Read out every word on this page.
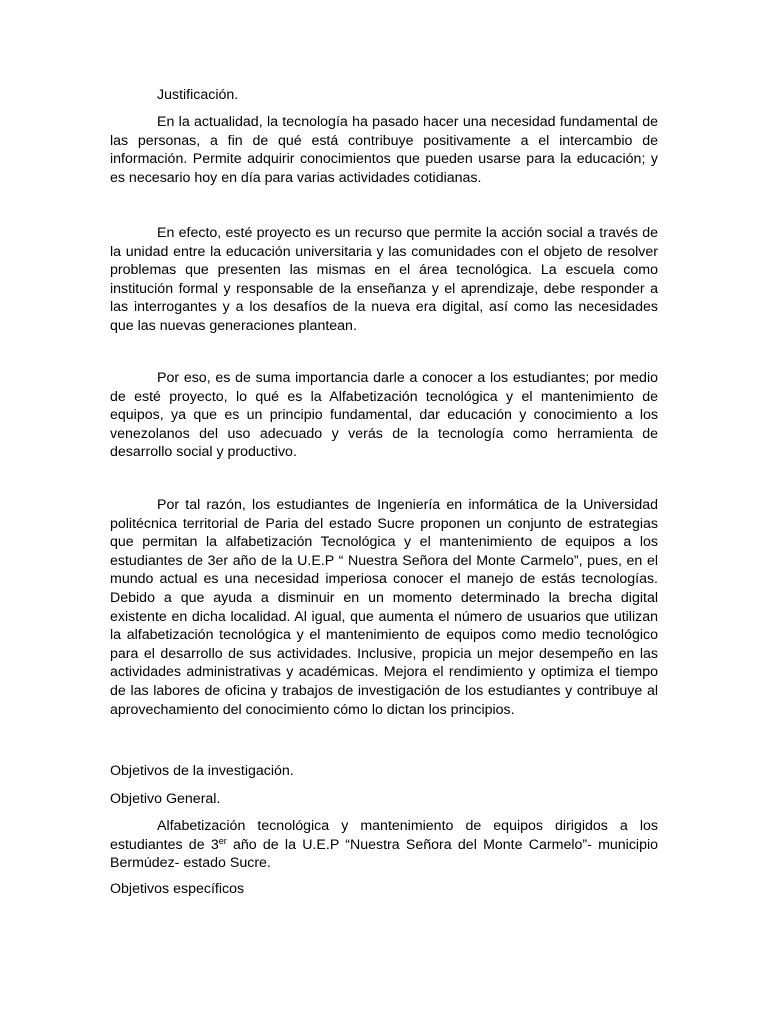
Justificación.

En la actualidad, la tecnología ha pasado hacer una necesidad fundamental de las personas, a fin de qué está contribuye positivamente a el intercambio de información. Permite adquirir conocimientos que pueden usarse para la educación; y es necesario hoy en día para varias actividades cotidianas.

En efecto, esté proyecto es un recurso que permite la acción social a través de la unidad entre la educación universitaria y las comunidades con el objeto de resolver problemas que presenten las mismas en el área tecnológica. La escuela como institución formal y responsable de la enseñanza y el aprendizaje, debe responder a las interrogantes y a los desafíos de la nueva era digital, así como las necesidades que las nuevas generaciones plantean.

Por eso, es de suma importancia darle a conocer a los estudiantes; por medio de esté proyecto, lo qué es la Alfabetización tecnológica y el mantenimiento de equipos, ya que es un principio fundamental, dar educación y conocimiento a los venezolanos del uso adecuado y verás de la tecnología como herramienta de desarrollo social y productivo.

Por tal razón, los estudiantes de Ingeniería en informática de la Universidad politécnica territorial de Paria del estado Sucre proponen un conjunto de estrategias que permitan la alfabetización Tecnológica y el mantenimiento de equipos a los estudiantes de 3er año de la U.E.P “ Nuestra Señora del Monte Carmelo”, pues, en el mundo actual es una necesidad imperiosa conocer el manejo de estás tecnologías. Debido a que ayuda a disminuir en un momento determinado la brecha digital existente en dicha localidad. Al igual, que aumenta el número de usuarios que utilizan la alfabetización tecnológica y el mantenimiento de equipos como medio tecnológico para el desarrollo de sus actividades. Inclusive, propicia un mejor desempeño en las actividades administrativas y académicas. Mejora el rendimiento y optimiza el tiempo de las labores de oficina y trabajos de investigación de los estudiantes y contribuye al aprovechamiento del conocimiento cómo lo dictan los principios.

Objetivos de la investigación.

Objetivo General.

Alfabetización tecnológica y mantenimiento de equipos dirigidos a los estudiantes de 3er año de la U.E.P “Nuestra Señora del Monte Carmelo”- municipio Bermúdez- estado Sucre.

Objetivos específicos
